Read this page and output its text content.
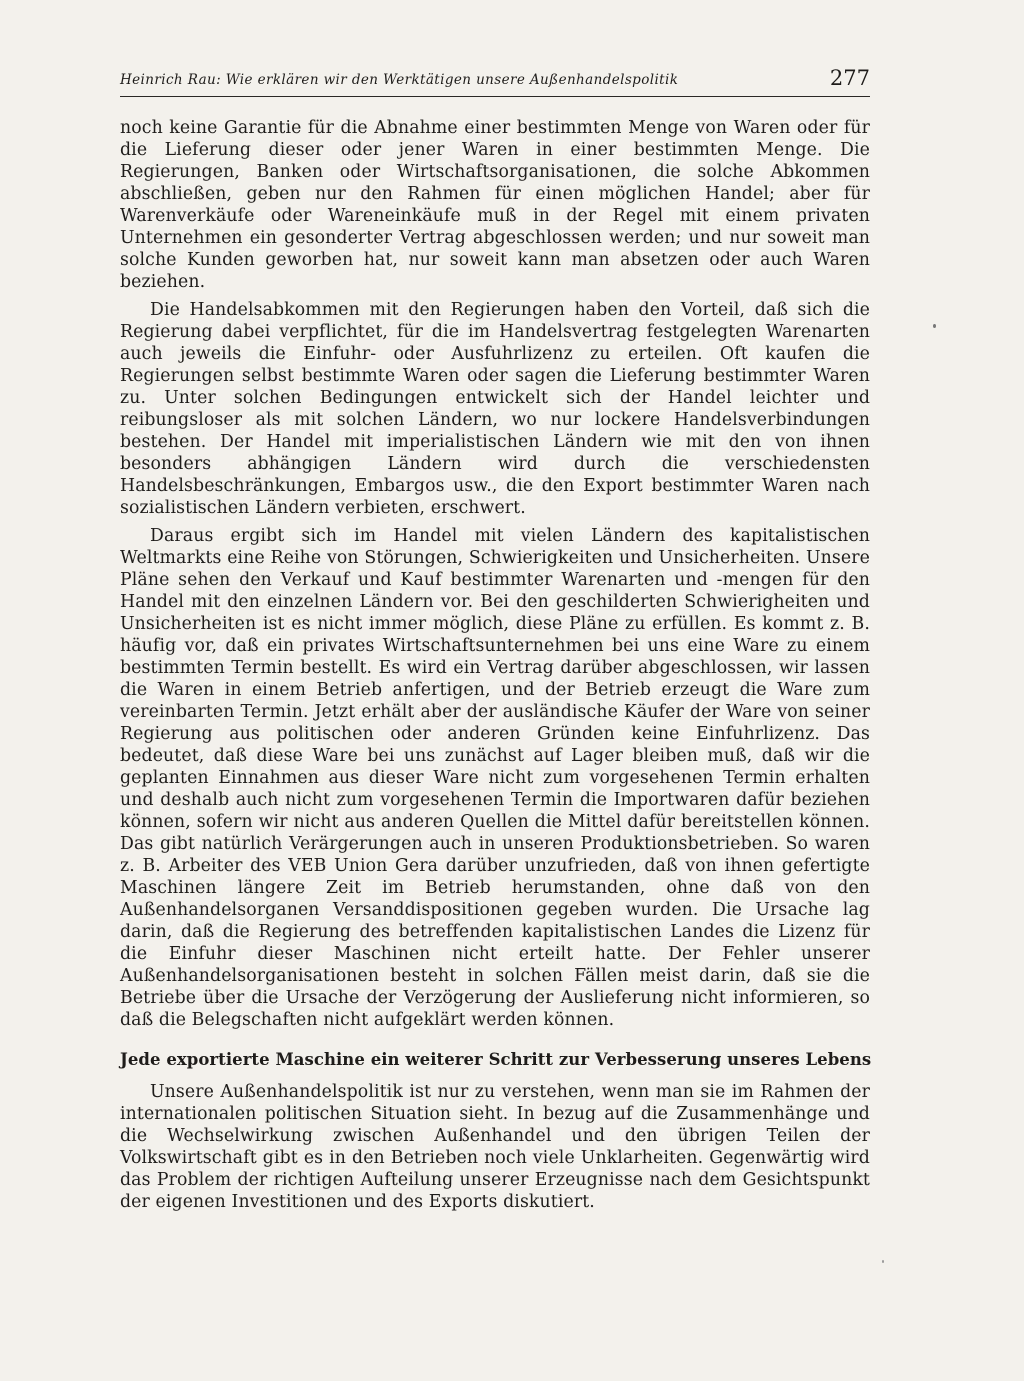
Heinrich Rau: Wie erklären wir den Werktätigen unsere Außenhandelspolitik	277

noch keine Garantie für die Abnahme einer bestimmten Menge von Waren oder für die Lieferung dieser oder jener Waren in einer bestimmten Menge. Die Regierungen, Banken oder Wirtschaftsorganisationen, die solche Abkommen abschließen, geben nur den Rahmen für einen möglichen Handel; aber für Warenverkäufe oder Wareneinkäufe muß in der Regel mit einem privaten Unternehmen ein gesonderter Vertrag abgeschlossen werden; und nur soweit man solche Kunden geworben hat, nur soweit kann man absetzen oder auch Waren beziehen.

Die Handelsabkommen mit den Regierungen haben den Vorteil, daß sich die Regierung dabei verpflichtet, für die im Handelsvertrag festgelegten Warenarten auch jeweils die Einfuhr- oder Ausfuhrlizenz zu erteilen. Oft kaufen die Regierungen selbst bestimmte Waren oder sagen die Lieferung bestimmter Waren zu. Unter solchen Bedingungen entwickelt sich der Handel leichter und reibungsloser als mit solchen Ländern, wo nur lockere Handelsverbindungen bestehen. Der Handel mit imperialistischen Ländern wie mit den von ihnen besonders abhängigen Ländern wird durch die verschiedensten Handelsbeschränkungen, Embargos usw., die den Export bestimmter Waren nach sozialistischen Ländern verbieten, erschwert.

Daraus ergibt sich im Handel mit vielen Ländern des kapitalistischen Weltmarkts eine Reihe von Störungen, Schwierigkeiten und Unsicherheiten. Unsere Pläne sehen den Verkauf und Kauf bestimmter Warenarten und -mengen für den Handel mit den einzelnen Ländern vor. Bei den geschilderten Schwierigheiten und Unsicherheiten ist es nicht immer möglich, diese Pläne zu erfüllen. Es kommt z. B. häufig vor, daß ein privates Wirtschaftsunternehmen bei uns eine Ware zu einem bestimmten Termin bestellt. Es wird ein Vertrag darüber abgeschlossen, wir lassen die Waren in einem Betrieb anfertigen, und der Betrieb erzeugt die Ware zum vereinbarten Termin. Jetzt erhält aber der ausländische Käufer der Ware von seiner Regierung aus politischen oder anderen Gründen keine Einfuhrlizenz. Das bedeutet, daß diese Ware bei uns zunächst auf Lager bleiben muß, daß wir die geplanten Einnahmen aus dieser Ware nicht zum vorgesehenen Termin erhalten und deshalb auch nicht zum vorgesehenen Termin die Importwaren dafür beziehen können, sofern wir nicht aus anderen Quellen die Mittel dafür bereitstellen können. Das gibt natürlich Verärgerungen auch in unseren Produktionsbetrieben. So waren z. B. Arbeiter des VEB Union Gera darüber unzufrieden, daß von ihnen gefertigte Maschinen längere Zeit im Betrieb herumstanden, ohne daß von den Außenhandelsorganen Versanddispositionen gegeben wurden. Die Ursache lag darin, daß die Regierung des betreffenden kapitalistischen Landes die Lizenz für die Einfuhr dieser Maschinen nicht erteilt hatte. Der Fehler unserer Außenhandelsorganisationen besteht in solchen Fällen meist darin, daß sie die Betriebe über die Ursache der Verzögerung der Auslieferung nicht informieren, so daß die Belegschaften nicht aufgeklärt werden können.

Jede exportierte Maschine ein weiterer Schritt zur Verbesserung unseres Lebens

Unsere Außenhandelspolitik ist nur zu verstehen, wenn man sie im Rahmen der internationalen politischen Situation sieht. In bezug auf die Zusammenhänge und die Wechselwirkung zwischen Außenhandel und den übrigen Teilen der Volkswirtschaft gibt es in den Betrieben noch viele Unklarheiten. Gegenwärtig wird das Problem der richtigen Aufteilung unserer Erzeugnisse nach dem Gesichtspunkt der eigenen Investitionen und des Exports diskutiert.
